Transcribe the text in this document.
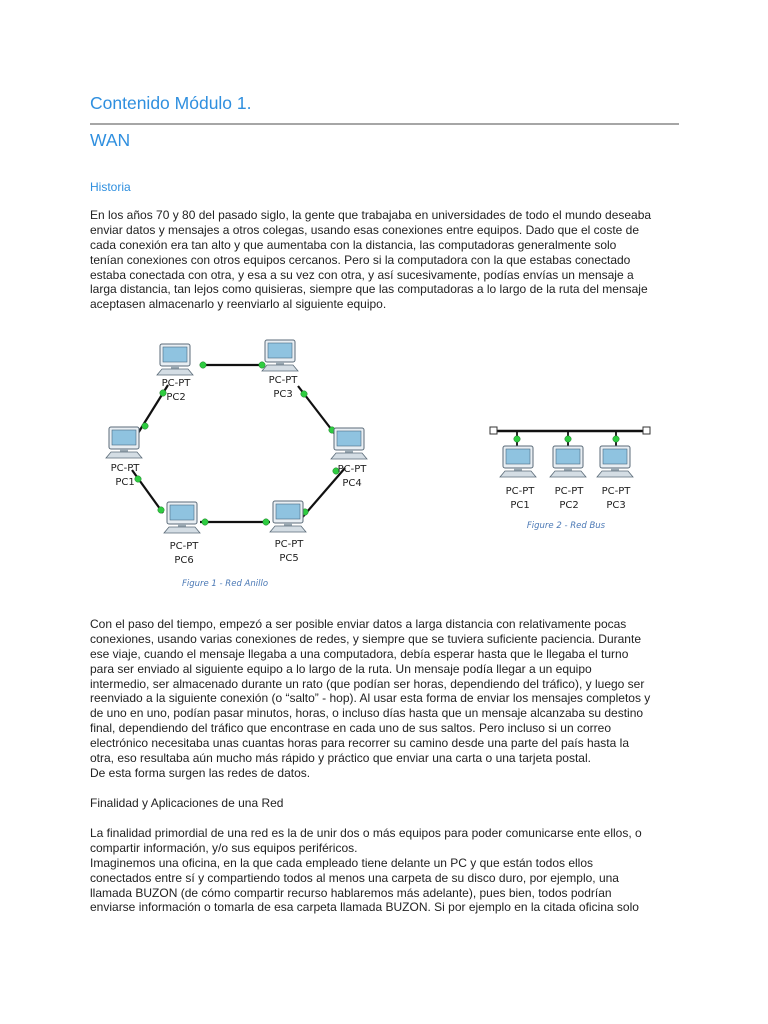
Contenido Módulo 1.
WAN
Historia
En los años 70 y 80 del pasado siglo, la gente que trabajaba en universidades de todo el mundo deseaba
enviar datos y mensajes a otros colegas, usando esas conexiones entre equipos. Dado que el coste de
cada conexión era tan alto y que aumentaba con la distancia, las computadoras generalmente solo
tenían conexiones con otros equipos cercanos. Pero si la computadora con la que estabas conectado
estaba conectada con otra, y esa a su vez con otra, y así sucesivamente, podías envías un mensaje a
larga distancia, tan lejos como quisieras, siempre que las computadoras a lo largo de la ruta del mensaje
aceptasen almacenarlo y reenviarlo al siguiente equipo.
PC-PT
PC2
PC-PT
PC3
PC-PT
PC1
PC-PT
PC4
PC-PT
PC6
PC-PT
PC5
Figure 1 - Red Anillo
PC-PT
PC1
PC-PT
PC2
PC-PT
PC3
Figure 2 - Red Bus
Con el paso del tiempo, empezó a ser posible enviar datos a larga distancia con relativamente pocas
conexiones, usando varias conexiones de redes, y siempre que se tuviera suficiente paciencia. Durante
ese viaje, cuando el mensaje llegaba a una computadora, debía esperar hasta que le llegaba el turno
para ser enviado al siguiente equipo a lo largo de la ruta. Un mensaje podía llegar a un equipo
intermedio, ser almacenado durante un rato (que podían ser horas, dependiendo del tráfico), y luego ser
reenviado a la siguiente conexión (o “salto” - hop). Al usar esta forma de enviar los mensajes completos y
de uno en uno, podían pasar minutos, horas, o incluso días hasta que un mensaje alcanzaba su destino
final, dependiendo del tráfico que encontrase en cada uno de sus saltos. Pero incluso si un correo
electrónico necesitaba unas cuantas horas para recorrer su camino desde una parte del país hasta la
otra, eso resultaba aún mucho más rápido y práctico que enviar una carta o una tarjeta postal.
De esta forma surgen las redes de datos.
Finalidad y Aplicaciones de una Red
La finalidad primordial de una red es la de unir dos o más equipos para poder comunicarse ente ellos, o
compartir información, y/o sus equipos periféricos.
Imaginemos una oficina, en la que cada empleado tiene delante un PC y que están todos ellos
conectados entre sí y compartiendo todos al menos una carpeta de su disco duro, por ejemplo, una
llamada BUZON (de cómo compartir recurso hablaremos más adelante), pues bien, todos podrían
enviarse información o tomarla de esa carpeta llamada BUZON. Si por ejemplo en la citada oficina solo
